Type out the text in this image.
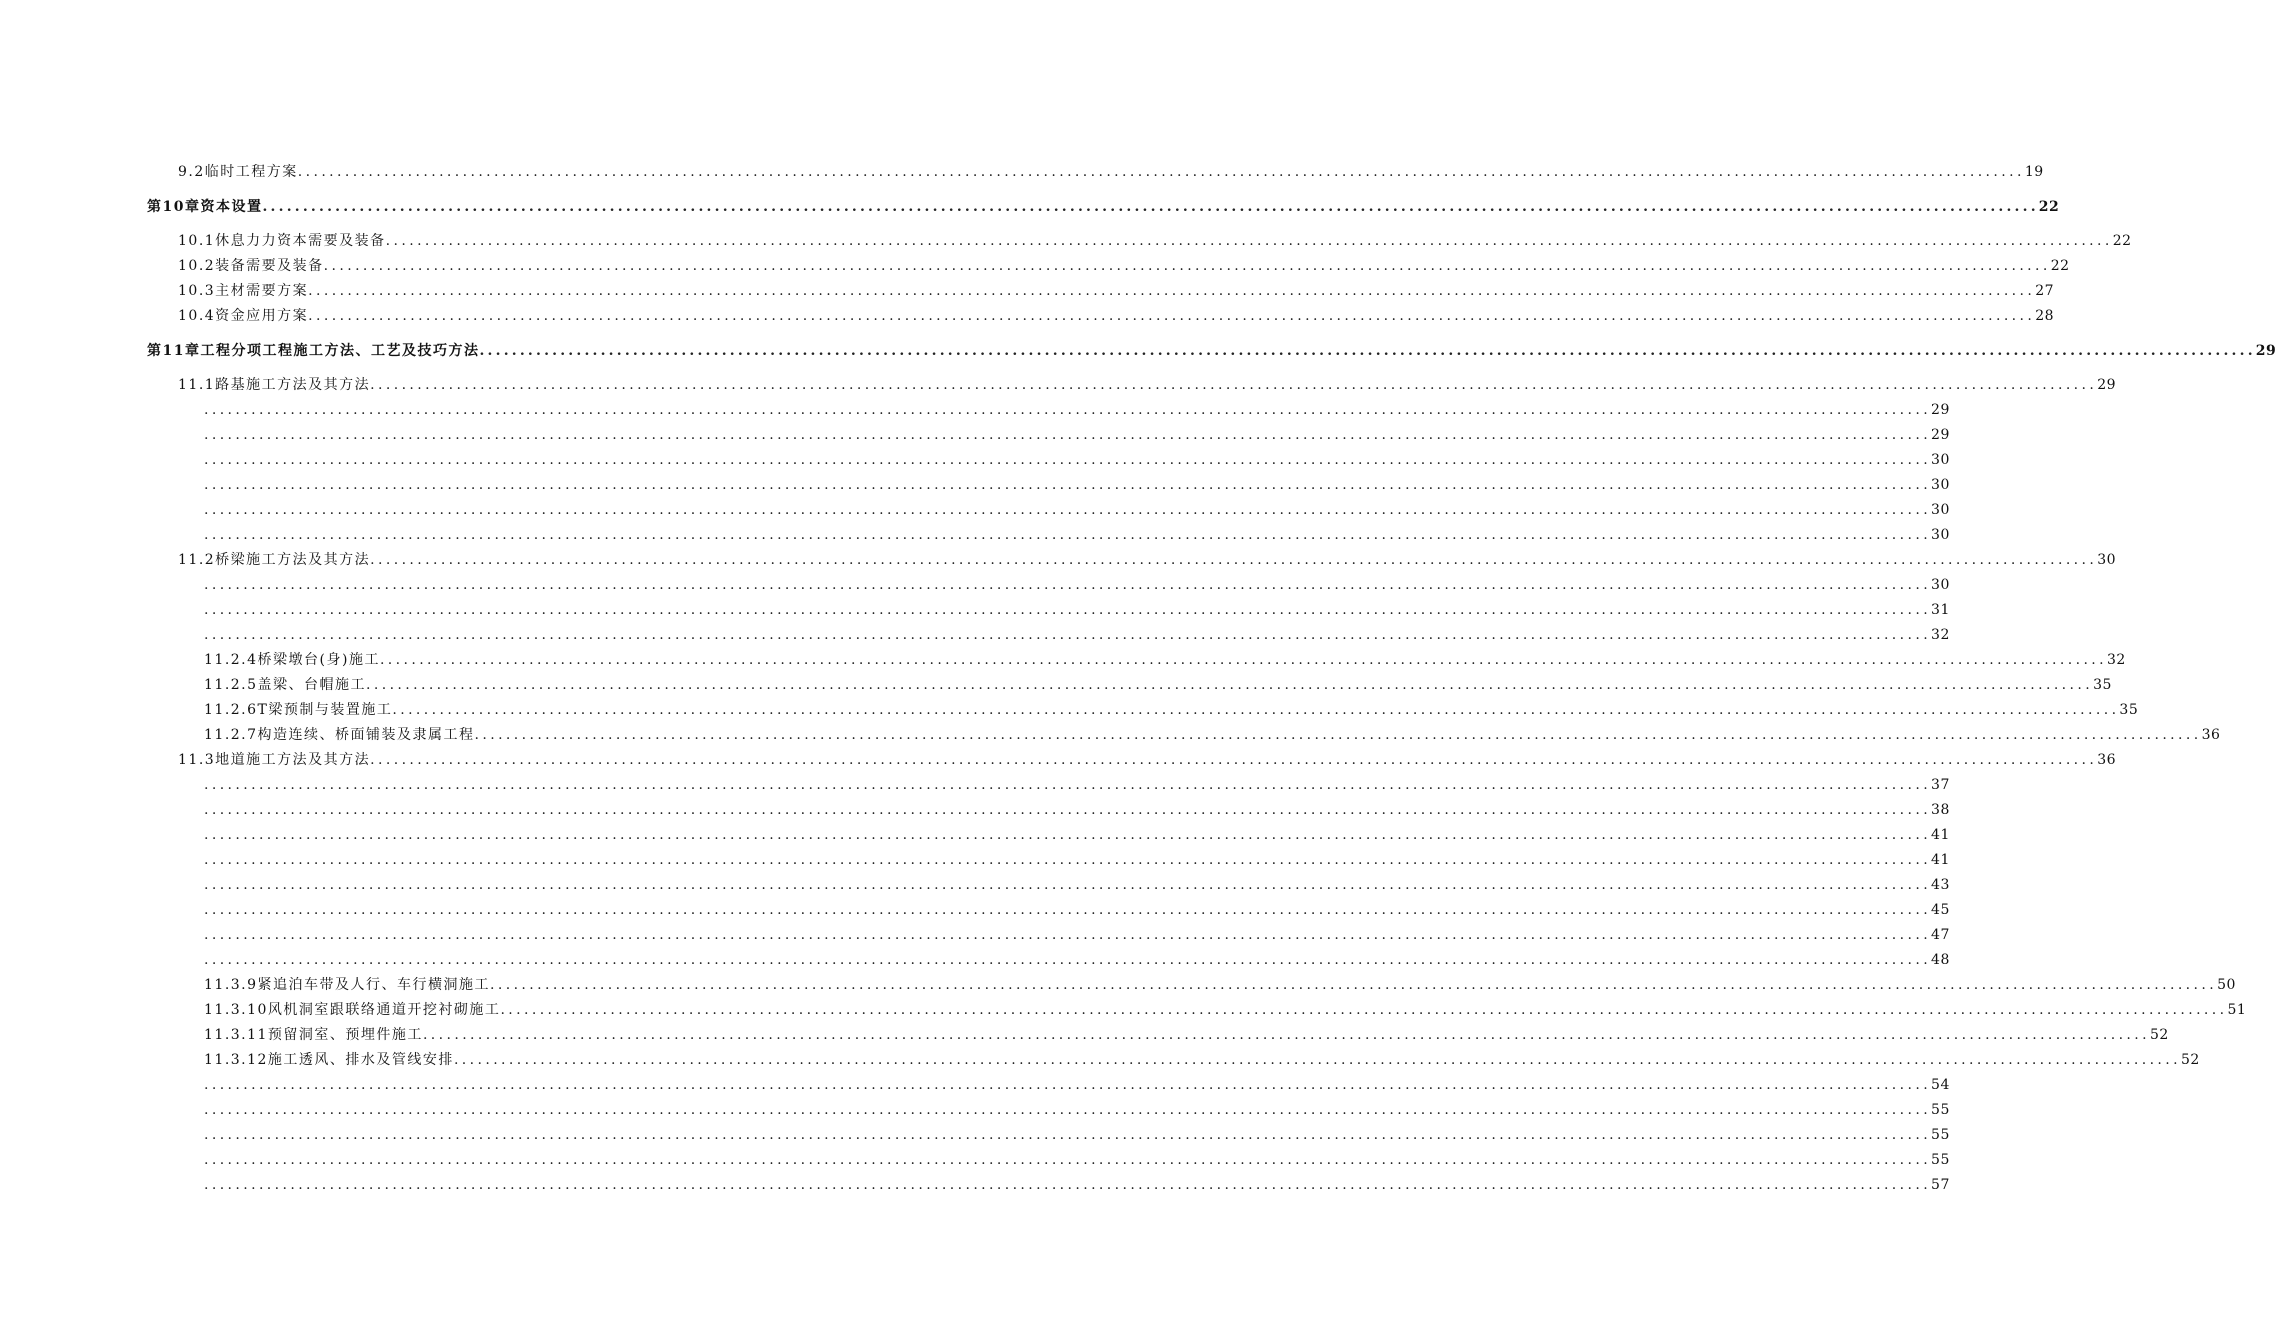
9.2临时工程方案 ............................................................................................................................................................................................................................ 19
第10章资本设置 ............................................................................................................................................................................................................................ 22
10.1休息力力资本需要及装备 ............................................................................................................................................................................................................................ 22
10.2装备需要及装备 ............................................................................................................................................................................................................................ 22
10.3主材需要方案 ............................................................................................................................................................................................................................ 27
10.4资金应用方案 ............................................................................................................................................................................................................................ 28
第11章工程分项工程施工方法、工艺及技巧方法 ............................................................................................................................................................................................................................ 29
11.1路基施工方法及其方法 ............................................................................................................................................................................................................................ 29
............................................................................................................................................................................................................................ 29
............................................................................................................................................................................................................................ 29
............................................................................................................................................................................................................................ 30
............................................................................................................................................................................................................................ 30
............................................................................................................................................................................................................................ 30
............................................................................................................................................................................................................................ 30
11.2桥梁施工方法及其方法 ............................................................................................................................................................................................................................ 30
............................................................................................................................................................................................................................ 30
............................................................................................................................................................................................................................ 31
............................................................................................................................................................................................................................ 32
11.2.4桥梁墩台(身)施工 ............................................................................................................................................................................................................................ 32
11.2.5盖梁、台帽施工 ............................................................................................................................................................................................................................ 35
11.2.6T梁预制与装置施工 ............................................................................................................................................................................................................................ 35
11.2.7构造连续、桥面铺装及隶属工程 ............................................................................................................................................................................................................................ 36
11.3地道施工方法及其方法 ............................................................................................................................................................................................................................ 36
............................................................................................................................................................................................................................ 37
............................................................................................................................................................................................................................ 38
............................................................................................................................................................................................................................ 41
............................................................................................................................................................................................................................ 41
............................................................................................................................................................................................................................ 43
............................................................................................................................................................................................................................ 45
............................................................................................................................................................................................................................ 47
............................................................................................................................................................................................................................ 48
11.3.9紧追泊车带及人行、车行横洞施工 ............................................................................................................................................................................................................................ 50
11.3.10风机洞室跟联络通道开挖衬砌施工 ............................................................................................................................................................................................................................ 51
11.3.11预留洞室、预埋件施工 ............................................................................................................................................................................................................................ 52
11.3.12施工透风、排水及管线安排 ............................................................................................................................................................................................................................ 52
............................................................................................................................................................................................................................ 54
............................................................................................................................................................................................................................ 55
............................................................................................................................................................................................................................ 55
............................................................................................................................................................................................................................ 55
............................................................................................................................................................................................................................ 57
